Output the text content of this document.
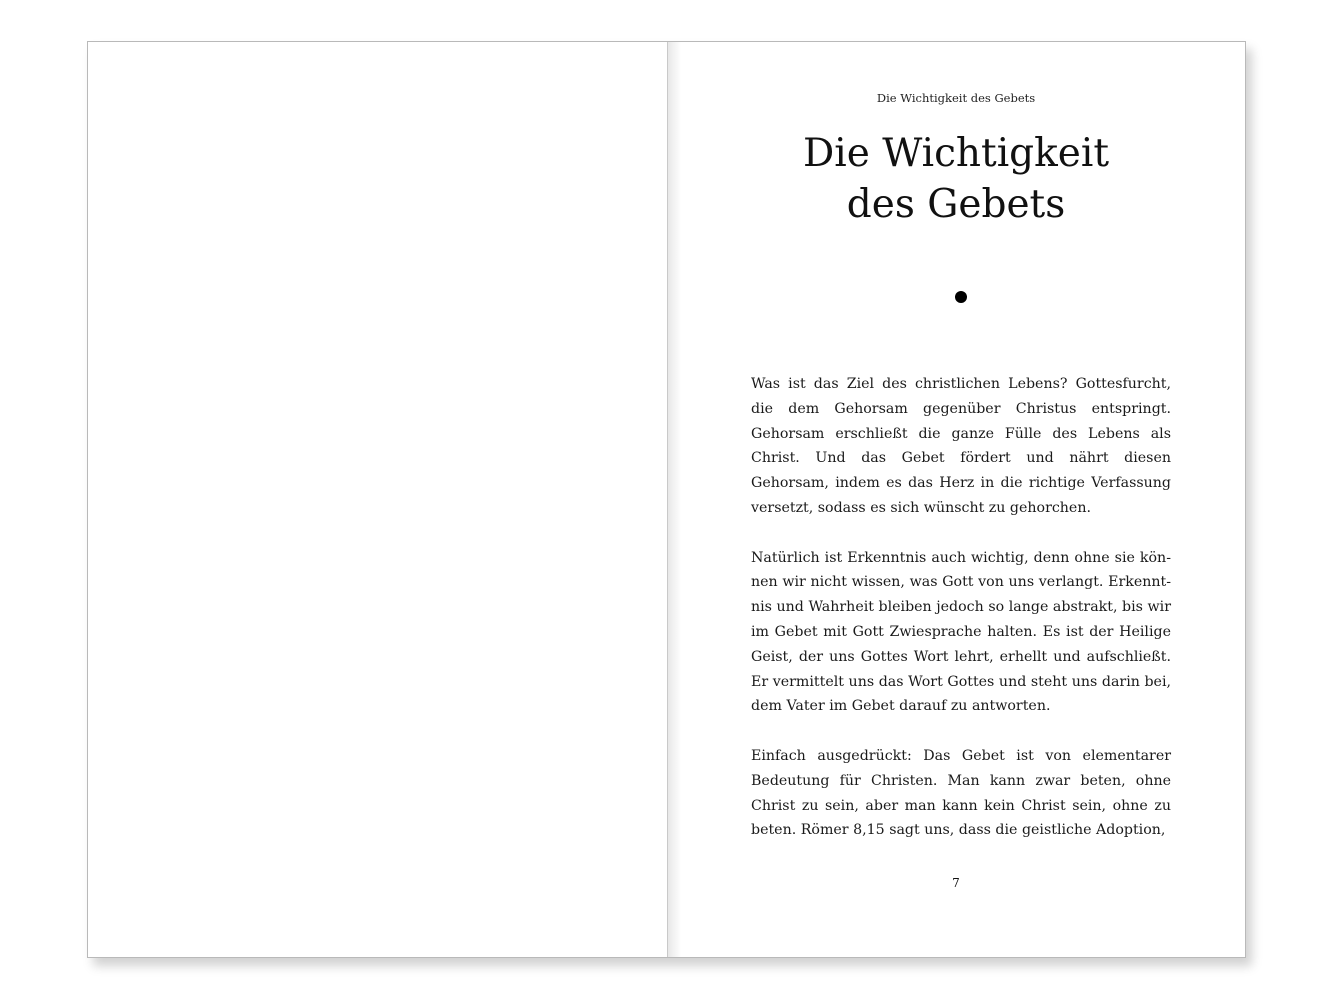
Die Wichtigkeit des Gebets
Die Wichtigkeit
des Gebets

Was ist das Ziel des christlichen Lebens? Gottesfurcht, die dem Gehorsam gegenüber Christus entspringt. Gehorsam erschließt die ganze Fülle des Lebens als Christ. Und das Gebet fördert und nährt diesen Gehorsam, indem es das Herz in die richtige Verfassung versetzt, sodass es sich wünscht zu gehorchen.

Natürlich ist Erkenntnis auch wichtig, denn ohne sie können wir nicht wissen, was Gott von uns verlangt. Erkenntnis und Wahrheit bleiben jedoch so lange abstrakt, bis wir im Gebet mit Gott Zwiesprache halten. Es ist der Heilige Geist, der uns Gottes Wort lehrt, erhellt und aufschließt. Er vermittelt uns das Wort Gottes und steht uns darin bei, dem Vater im Gebet darauf zu antworten.

Einfach ausgedrückt: Das Gebet ist von elementarer Bedeutung für Christen. Man kann zwar beten, ohne Christ zu sein, aber man kann kein Christ sein, ohne zu beten. Römer 8,15 sagt uns, dass die geistliche Adoption,

7
